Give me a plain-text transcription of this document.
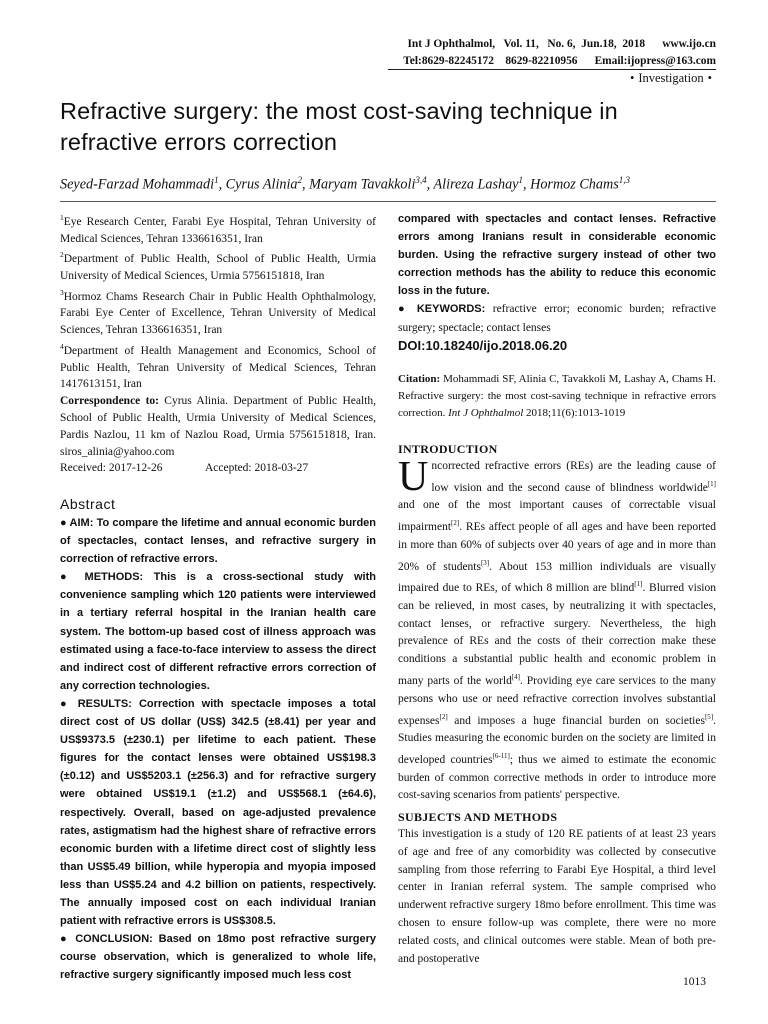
Int J Ophthalmol,   Vol. 11,   No. 6,  Jun.18,  2018      www.ijo.cn
Tel:8629-82245172    8629-82210956      Email:ijopress@163.com
• Investigation •
Refractive surgery: the most cost-saving technique in refractive errors correction
Seyed-Farzad Mohammadi$^1$, Cyrus Alinia$^2$, Maryam Tavakkoli$^{3,4}$, Alireza Lashay$^1$, Hormoz Chams$^{1,3}$

$^1$Eye Research Center, Farabi Eye Hospital, Tehran University of Medical Sciences, Tehran 1336616351, Iran

$^2$Department of Public Health, School of Public Health, Urmia University of Medical Sciences, Urmia 5756151818, Iran

$^3$Hormoz Chams Research Chair in Public Health Ophthalmology, Farabi Eye Center of Excellence, Tehran University of Medical Sciences, Tehran 1336616351, Iran

$^4$Department of Health Management and Economics, School of Public Health, Tehran University of Medical Sciences, Tehran 1417613151, Iran

Correspondence to: Cyrus Alinia. Department of Public Health, School of Public Health, Urmia University of Medical Sciences, Pardis Nazlou, 11 km of Nazlou Road, Urmia 5756151818, Iran. siros_alinia@yahoo.com

Received: 2017-12-26	Accepted: 2018-03-27

Abstract

● AIM: To compare the lifetime and annual economic burden of spectacles, contact lenses, and refractive surgery in correction of refractive errors.

● METHODS: This is a cross-sectional study with convenience sampling which 120 patients were interviewed in a tertiary referral hospital in the Iranian health care system. The bottom-up based cost of illness approach was estimated using a face-to-face interview to assess the direct and indirect cost of different refractive errors correction of any correction technologies.

● RESULTS: Correction with spectacle imposes a total direct cost of US dollar (US$) 342.5 (±8.41) per year and US$9373.5 (±230.1) per lifetime to each patient. These figures for the contact lenses were obtained US$198.3 (±0.12) and US$5203.1 (±256.3) and for refractive surgery were obtained US$19.1 (±1.2) and US$568.1 (±64.6), respectively. Overall, based on age-adjusted prevalence rates, astigmatism had the highest share of refractive errors economic burden with a lifetime direct cost of slightly less than US$5.49 billion, while hyperopia and myopia imposed less than US$5.24 and 4.2 billion on patients, respectively. The annually imposed cost on each individual Iranian patient with refractive errors is US$308.5.

● CONCLUSION: Based on 18mo post refractive surgery course observation, which is generalized to whole life, refractive surgery significantly imposed much less cost

compared with spectacles and contact lenses. Refractive errors among Iranians result in considerable economic burden. Using the refractive surgery instead of other two correction methods has the ability to reduce this economic loss in the future.

● KEYWORDS: refractive error; economic burden; refractive surgery; spectacle; contact lenses

DOI:10.18240/ijo.2018.06.20

Citation: Mohammadi SF, Alinia C, Tavakkoli M, Lashay A, Chams H. Refractive surgery: the most cost-saving technique in refractive errors correction. Int J Ophthalmol 2018;11(6):1013-1019

INTRODUCTION

Uncorrected refractive errors (REs) are the leading cause of low vision and the second cause of blindness worldwide[1] and one of the most important causes of correctable visual impairment[2]. REs affect people of all ages and have been reported in more than 60% of subjects over 40 years of age and in more than 20% of students[3]. About 153 million individuals are visually impaired due to REs, of which 8 million are blind[1]. Blurred vision can be relieved, in most cases, by neutralizing it with spectacles, contact lenses, or refractive surgery. Nevertheless, the high prevalence of REs and the costs of their correction make these conditions a substantial public health and economic problem in many parts of the world[4]. Providing eye care services to the many persons who use or need refractive correction involves substantial expenses[2] and imposes a huge financial burden on societies[5]. Studies measuring the economic burden on the society are limited in developed countries[6-11]; thus we aimed to estimate the economic burden of common corrective methods in order to introduce more cost-saving scenarios from patients' perspective.

SUBJECTS AND METHODS

This investigation is a study of 120 RE patients of at least 23 years of age and free of any comorbidity was collected by consecutive sampling from those referring to Farabi Eye Hospital, a third level center in Iranian referral system. The sample comprised who underwent refractive surgery 18mo before enrollment. This time was chosen to ensure follow-up was complete, there were no more related costs, and clinical outcomes were stable. Mean of both pre- and postoperative

1013
